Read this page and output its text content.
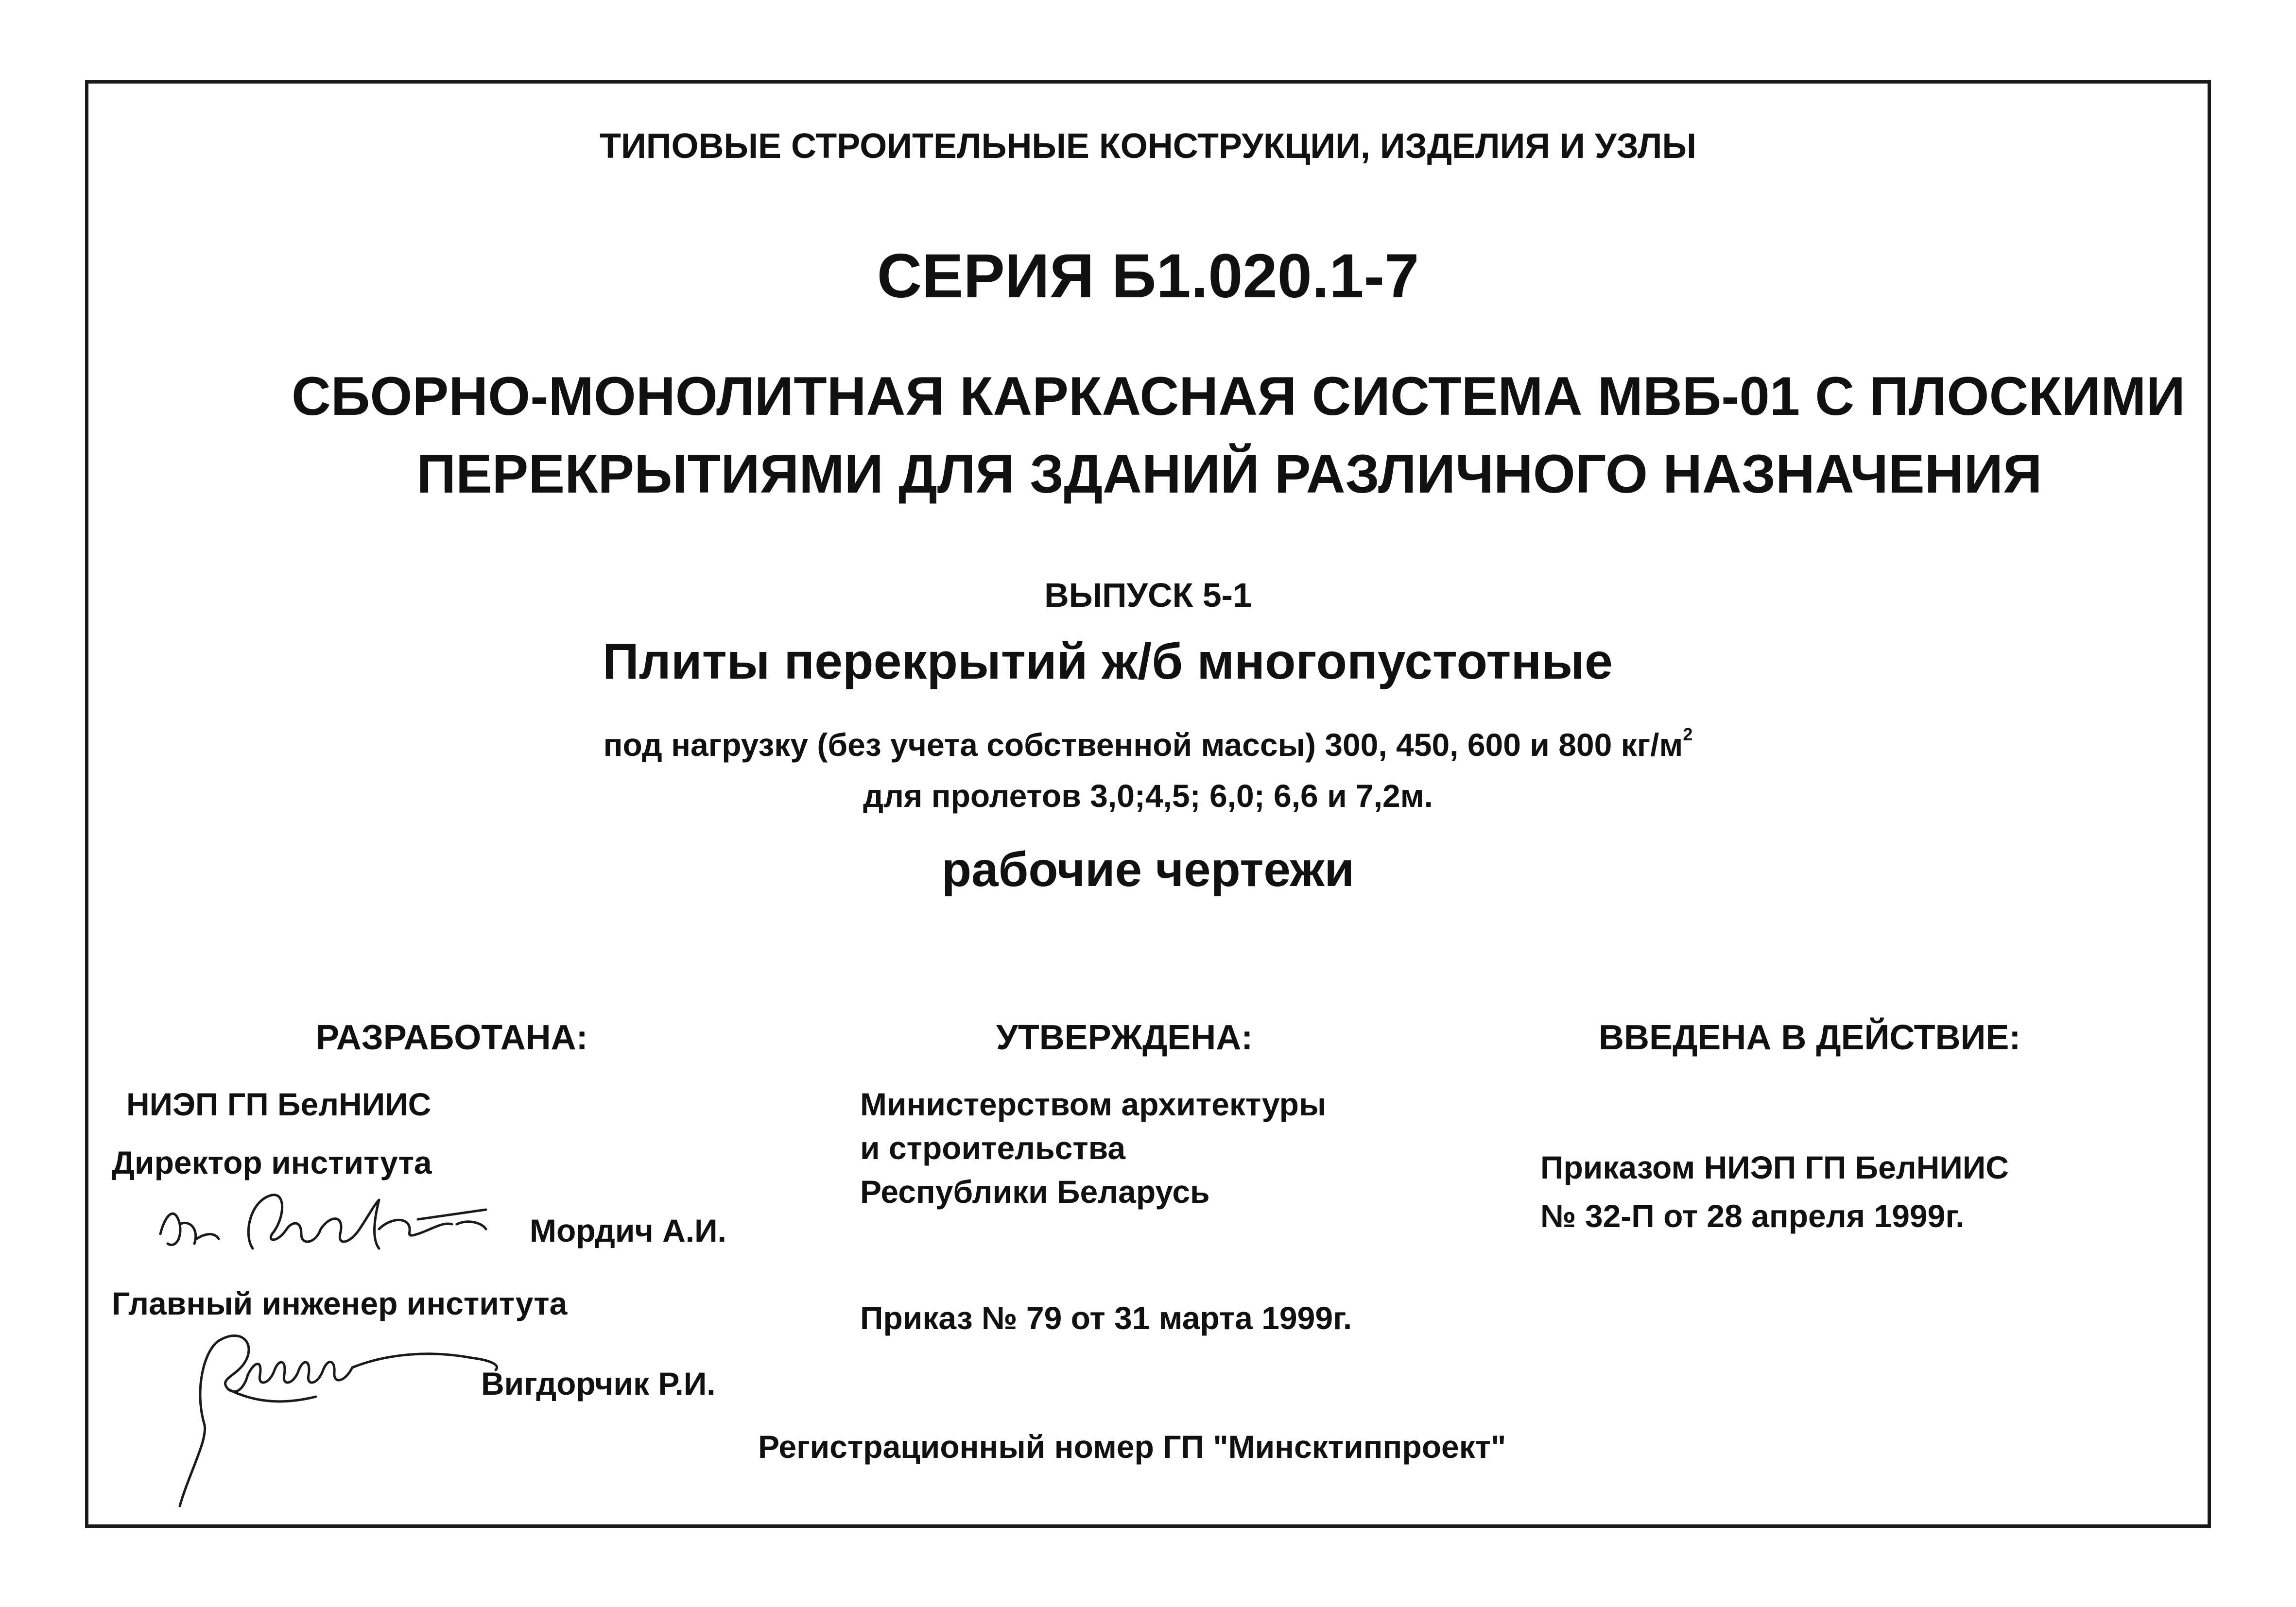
ТИПОВЫЕ СТРОИТЕЛЬНЫЕ КОНСТРУКЦИИ, ИЗДЕЛИЯ И УЗЛЫ
СЕРИЯ Б1.020.1-7
СБОРНО-МОНОЛИТНАЯ КАРКАСНАЯ СИСТЕМА МВБ-01 С ПЛОСКИМИ
ПЕРЕКРЫТИЯМИ ДЛЯ ЗДАНИЙ РАЗЛИЧНОГО НАЗНАЧЕНИЯ
ВЫПУСК 5-1
Плиты перекрытий ж/б многопустотные
под нагрузку (без учета собственной массы) 300, 450, 600 и 800 $кг/м^2$
для пролетов 3,0;4,5; 6,0; 6,6 и 7,2м.
рабочие чертежи
РАЗРАБОТАНА:	УТВЕРЖДЕНА:	ВВЕДЕНА В ДЕЙСТВИЕ:
НИЭП ГП БелНИИС
Директор института
Мордич А.И.
Главный инженер института
Вигдорчик Р.И.
Министерством архитектуры
и строительства
Республики Беларусь
Приказ № 79 от 31 марта 1999г.
Приказом НИЭП ГП БелНИИС
№ 32-П от 28 апреля 1999г.
Регистрационный номер ГП "Минсктиппроект"
